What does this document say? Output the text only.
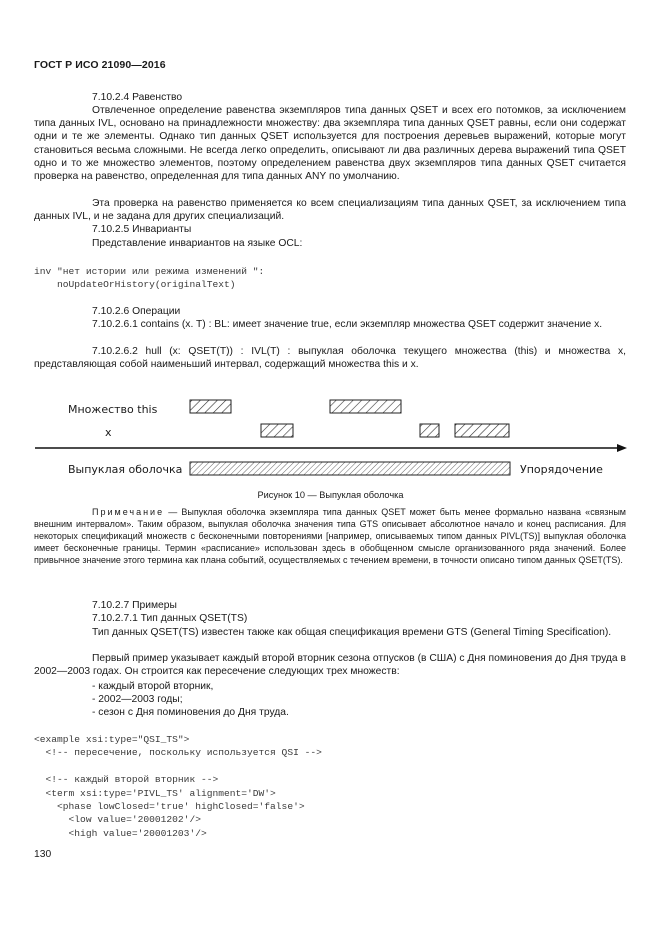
ГОСТ Р ИСО 21090—2016
7.10.2.4 Равенство
Отвлеченное определение равенства экземпляров типа данных QSET и всех его потомков, за исключением типа данных IVL, основано на принадлежности множеству: два экземпляра типа данных QSET равны, если они содержат одни и те же элементы. Однако тип данных QSET используется для построения деревьев выражений, которые могут становиться весьма сложными. Не всегда легко определить, описывают ли два различных дерева выражений типа QSET одно и то же множество элементов, поэтому определением равенства двух экземпляров типа данных QSET считается проверка на равенство, определенная для типа данных ANY по умолчанию.
Эта проверка на равенство применяется ко всем специализациям типа данных QSET, за исключением типа данных IVL, и не задана для других специализаций.
7.10.2.5 Инварианты
Представление инвариантов на языке OCL:
inv "нет истории или режима изменений ":
noUpdateOrHistory(originalText)
7.10.2.6 Операции
7.10.2.6.1 contains (x. T) : BL: имеет значение true, если экземпляр множества QSET содержит значение x.
7.10.2.6.2 hull (x: QSET(T)) : IVL(T) : выпуклая оболочка текущего множества (this) и множества x, представляющая собой наименьший интервал, содержащий множества this и x.
Множество this
x
Выпуклая оболочка	Упорядочение
Рисунок 10 — Выпуклая оболочка
Примечание — Выпуклая оболочка экземпляра типа данных QSET может быть менее формально названа «связным внешним интервалом». Таким образом, выпуклая оболочка значения типа GTS описывает абсолютное начало и конец расписания. Для некоторых спецификаций множеств с бесконечными повторениями [например, описываемых типом данных PIVL(TS)] выпуклая оболочка имеет бесконечные границы. Термин «расписание» использован здесь в обобщенном смысле организованного ряда значений. Более привычное значение этого термина как плана событий, осуществляемых с течением времени, в точности описано типом данных QSET(TS).
7.10.2.7 Примеры
7.10.2.7.1 Тип данных QSET(TS)
Тип данных QSET(TS) известен также как общая спецификация времени GTS (General Timing Specification).
Первый пример указывает каждый второй вторник сезона отпусков (в США) с Дня поминовения до Дня труда в 2002—2003 годах. Он строится как пересечение следующих трех множеств:
- каждый второй вторник,
- 2002—2003 годы;
- сезон с Дня поминовения до Дня труда.
<example xsi:type="QSI_TS">
<!-- пересечение, поскольку используется QSI -->

<!-- каждый второй вторник -->
<term xsi:type='PIVL_TS' alignment='DW'>
<phase lowClosed='true' highClosed='false'>
<low value='20001202'/>
<high value='20001203'/>
130
